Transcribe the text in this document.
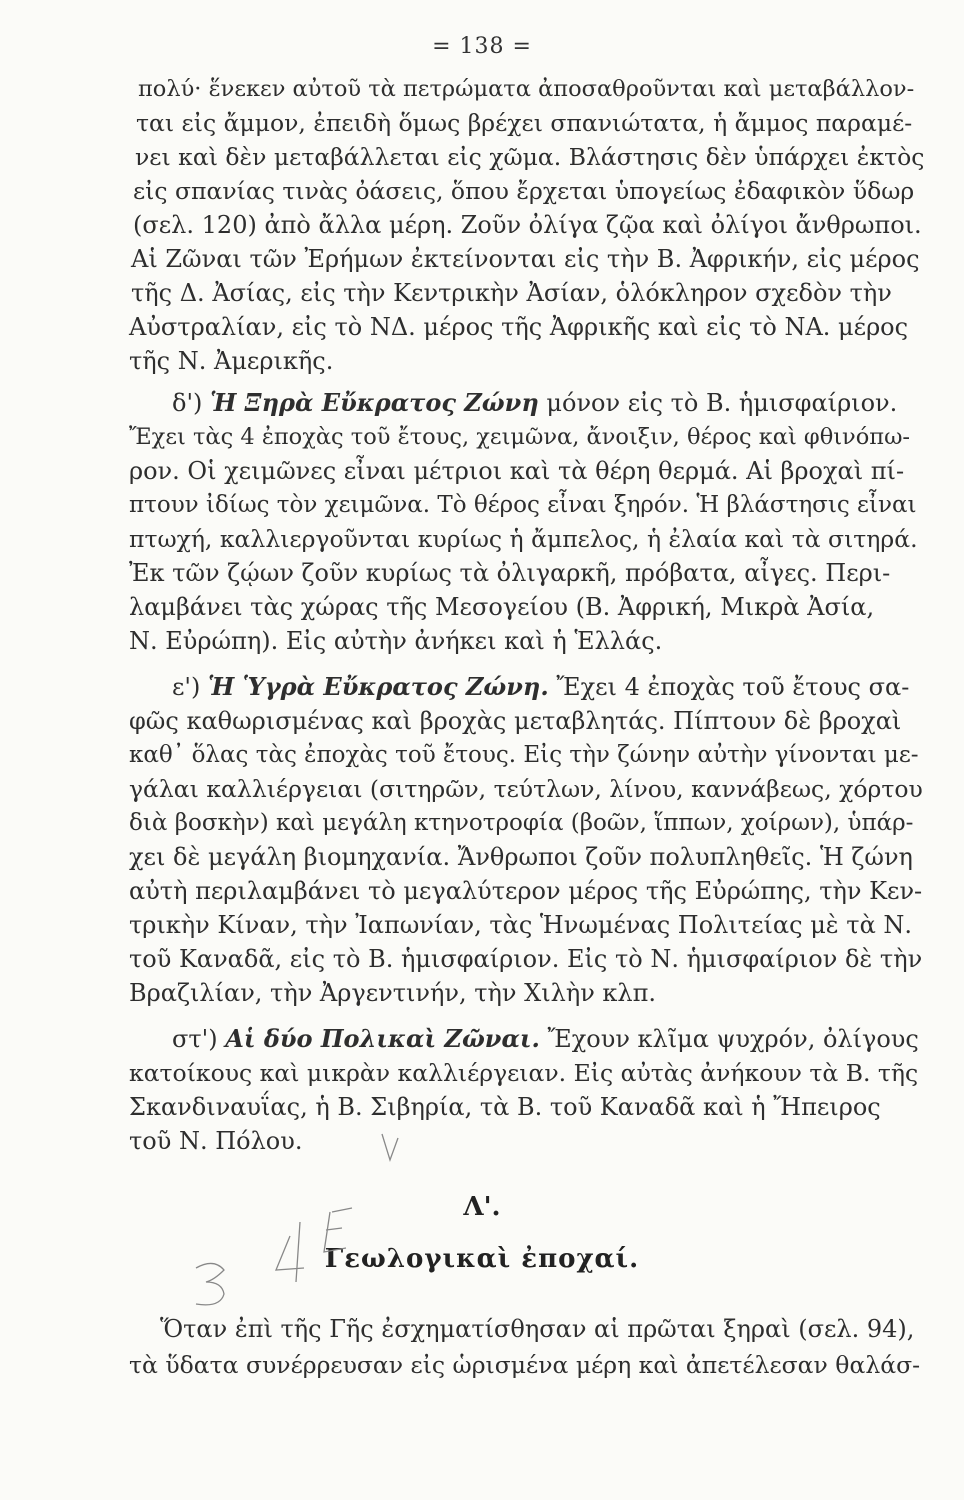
= 138 =
πολύ· ἕνεκεν αὐτοῦ τὰ πετρώματα ἀποσαθροῦνται καὶ μεταβάλλον-
ται εἰς ἄμμον, ἐπειδὴ ὅμως βρέχει σπανιώτατα, ἡ ἄμμος παραμέ-
νει καὶ δὲν μεταβάλλεται εἰς χῶμα. Βλάστησις δὲν ὑπάρχει ἐκτὸς
εἰς σπανίας τινὰς ὀάσεις, ὅπου ἔρχεται ὑπογείως ἐδαφικὸν ὕδωρ
(σελ. 120) ἀπὸ ἄλλα μέρη. Ζοῦν ὀλίγα ζῷα καὶ ὀλίγοι ἄνθρωποι.
Αἱ Ζῶναι τῶν Ἐρήμων ἐκτείνονται εἰς τὴν Β. Ἀφρικήν, εἰς μέρος
τῆς Δ. Ἀσίας, εἰς τὴν Κεντρικὴν Ἀσίαν, ὁλόκληρον σχεδὸν τὴν
Αὐστραλίαν, εἰς τὸ ΝΔ. μέρος τῆς Ἀφρικῆς καὶ εἰς τὸ ΝΑ. μέρος
τῆς Ν. Ἀμερικῆς.
δ') Ἡ Ξηρὰ Εὔκρατος Ζώνη μόνον εἰς τὸ Β. ἡμισφαίριον.
Ἔχει τὰς 4 ἐποχὰς τοῦ ἔτους, χειμῶνα, ἄνοιξιν, θέρος καὶ φθινόπω-
ρον. Οἱ χειμῶνες εἶναι μέτριοι καὶ τὰ θέρη θερμά. Αἱ βροχαὶ πί-
πτουν ἰδίως τὸν χειμῶνα. Τὸ θέρος εἶναι ξηρόν. Ἡ βλάστησις εἶναι
πτωχή, καλλιεργοῦνται κυρίως ἡ ἄμπελος, ἡ ἐλαία καὶ τὰ σιτηρά.
Ἐκ τῶν ζῴων ζοῦν κυρίως τὰ ὀλιγαρκῆ, πρόβατα, αἶγες. Περι-
λαμβάνει τὰς χώρας τῆς Μεσογείου (Β. Ἀφρική, Μικρὰ Ἀσία,
Ν. Εὐρώπη). Εἰς αὐτὴν ἀνήκει καὶ ἡ Ἑλλάς.
ε') Ἡ Ὑγρὰ Εὔκρατος Ζώνη. Ἔχει 4 ἐποχὰς τοῦ ἔτους σα-
φῶς καθωρισμένας καὶ βροχὰς μεταβλητάς. Πίπτουν δὲ βροχαὶ
καθ᾽ ὅλας τὰς ἐποχὰς τοῦ ἔτους. Εἰς τὴν ζώνην αὐτὴν γίνονται με-
γάλαι καλλιέργειαι (σιτηρῶν, τεύτλων, λίνου, καννάβεως, χόρτου
διὰ βοσκὴν) καὶ μεγάλη κτηνοτροφία (βοῶν, ἵππων, χοίρων), ὑπάρ-
χει δὲ μεγάλη βιομηχανία. Ἄνθρωποι ζοῦν πολυπληθεῖς. Ἡ ζώνη
αὐτὴ περιλαμβάνει τὸ μεγαλύτερον μέρος τῆς Εὐρώπης, τὴν Κεν-
τρικὴν Κίναν, τὴν Ἰαπωνίαν, τὰς Ἡνωμένας Πολιτείας μὲ τὰ Ν.
τοῦ Καναδᾶ, εἰς τὸ Β. ἡμισφαίριον. Εἰς τὸ Ν. ἡμισφαίριον δὲ τὴν
Βραζιλίαν, τὴν Ἀργεντινήν, τὴν Χιλὴν κλπ.
στ') Αἱ δύο Πολικαὶ Ζῶναι. Ἔχουν κλῖμα ψυχρόν, ὀλίγους
κατοίκους καὶ μικρὰν καλλιέργειαν. Εἰς αὐτὰς ἀνήκουν τὰ Β. τῆς
Σκανδιναυΐας, ἡ Β. Σιβηρία, τὰ Β. τοῦ Καναδᾶ καὶ ἡ Ἤπειρος
τοῦ Ν. Πόλου.
Ὅταν ἐπὶ τῆς Γῆς ἐσχηματίσθησαν αἱ πρῶται ξηραὶ (σελ. 94),
τὰ ὕδατα συνέρρευσαν εἰς ὡρισμένα μέρη καὶ ἀπετέλεσαν θαλάσ-
Λ'.
Γεωλογικαὶ ἐποχαί.
